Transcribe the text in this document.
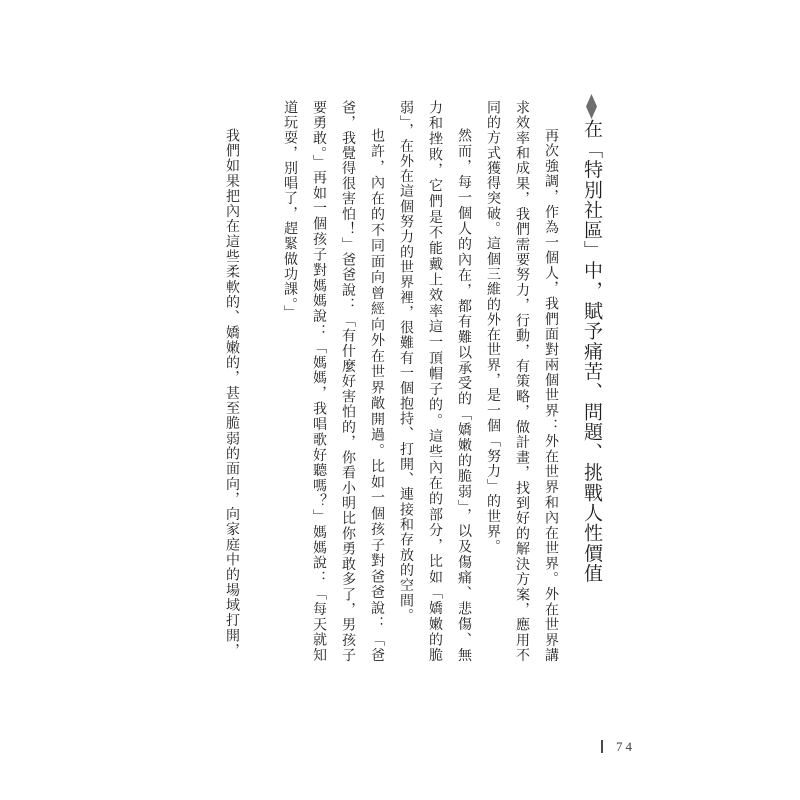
在「特別社區」中，賦予痛苦、問題、挑戰人性價值

再次強調，作為一個人，我們面對兩個世界：外在世界和內在世界。外在世界講求效率和成果，我們需要努力，行動，有策略，做計畫，找到好的解決方案，應用不同的方式獲得突破。這個三維的外在世界，是一個「努力」的世界。

然而，每一個人的內在，都有難以承受的「嬌嫩的脆弱」，以及傷痛、悲傷、無力和挫敗，它們是不能戴上效率這一頂帽子的。這些內在的部分，比如「嬌嫩的脆弱」，在外在這個努力的世界裡，很難有一個抱持、打開、連接和存放的空間。

也許，內在的不同面向曾經向外在世界敞開過。比如一個孩子對爸爸說：「爸爸，我覺得很害怕！」爸爸說：「有什麼好害怕的，你看小明比你勇敢多了，男孩子要勇敢。」再如一個孩子對媽媽說：「媽媽，我唱歌好聽嗎？」媽媽說：「每天就知道玩耍，別唱了，趕緊做功課。」

我們如果把內在這些柔軟的、嬌嫩的，甚至脆弱的面向，向家庭中的場域打開，

74
